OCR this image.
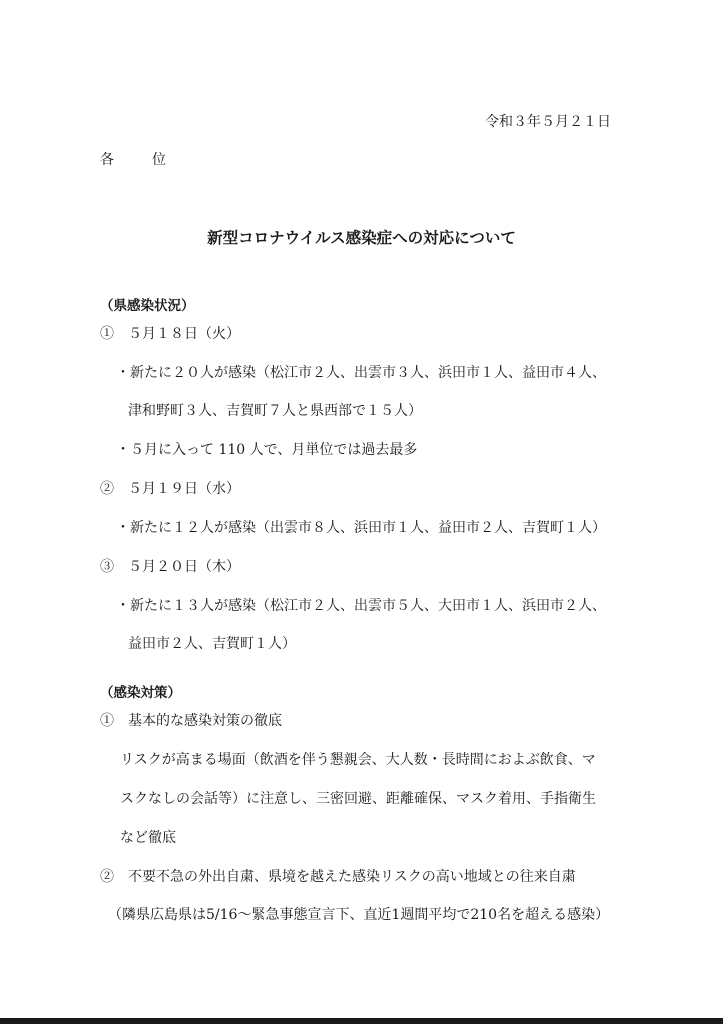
令和３年５月２１日
各　位
新型コロナウイルス感染症への対応について
（県感染状況）
①　５月１８日（火）
・新たに２０人が感染（松江市２人、出雲市３人、浜田市１人、益田市４人、
津和野町３人、吉賀町７人と県西部で１５人）
・５月に入って 110 人で、月単位では過去最多
②　５月１９日（水）
・新たに１２人が感染（出雲市８人、浜田市１人、益田市２人、吉賀町１人）
③　５月２０日（木）
・新たに１３人が感染（松江市２人、出雲市５人、大田市１人、浜田市２人、
益田市２人、吉賀町１人）
（感染対策）
①　基本的な感染対策の徹底
リスクが高まる場面（飲酒を伴う懇親会、大人数・長時間におよぶ飲食、マ
スクなしの会話等）に注意し、三密回避、距離確保、マスク着用、手指衛生
など徹底
②　不要不急の外出自粛、県境を越えた感染リスクの高い地域との往来自粛
（隣県広島県は5/16～緊急事態宣言下、直近1週間平均で210名を超える感染）
